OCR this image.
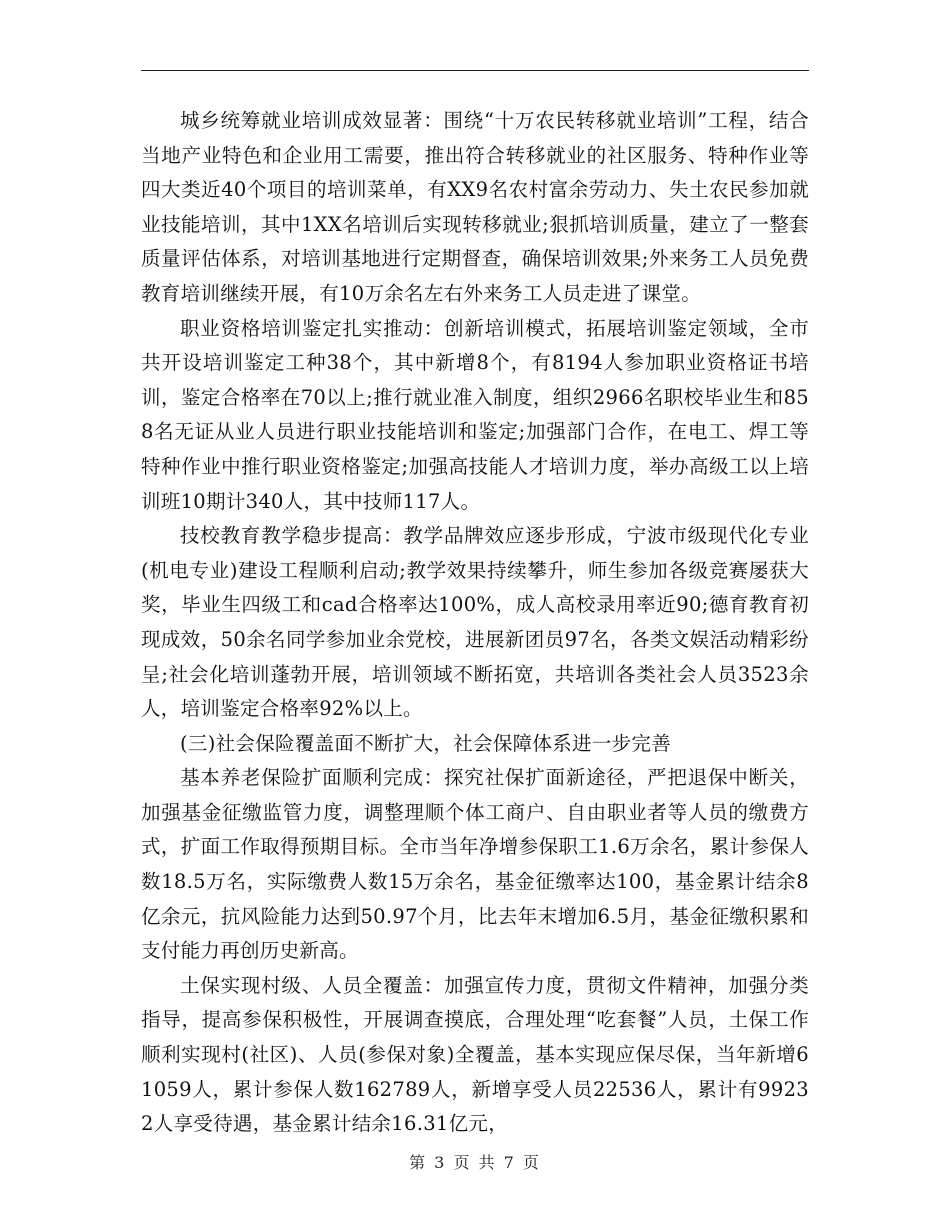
城乡统筹就业培训成效显著：围绕“十万农民转移就业培训”工程，结合当地产业特色和企业用工需要，推出符合转移就业的社区服务、特种作业等四大类近40个项目的培训菜单，有XX9名农村富余劳动力、失土农民参加就业技能培训，其中1XX名培训后实现转移就业;狠抓培训质量，建立了一整套质量评估体系，对培训基地进行定期督查，确保培训效果;外来务工人员免费教育培训继续开展，有10万余名左右外来务工人员走进了课堂。

职业资格培训鉴定扎实推动：创新培训模式，拓展培训鉴定领域，全市共开设培训鉴定工种38个，其中新增8个，有8194人参加职业资格证书培训，鉴定合格率在70以上;推行就业准入制度，组织2966名职校毕业生和858名无证从业人员进行职业技能培训和鉴定;加强部门合作，在电工、焊工等特种作业中推行职业资格鉴定;加强高技能人才培训力度，举办高级工以上培训班10期计340人，其中技师117人。

技校教育教学稳步提高：教学品牌效应逐步形成，宁波市级现代化专业(机电专业)建设工程顺利启动;教学效果持续攀升，师生参加各级竞赛屡获大奖，毕业生四级工和cad合格率达100%，成人高校录用率近90;德育教育初现成效，50余名同学参加业余党校，进展新团员97名，各类文娱活动精彩纷呈;社会化培训蓬勃开展，培训领域不断拓宽，共培训各类社会人员3523余人，培训鉴定合格率92%以上。

(三)社会保险覆盖面不断扩大，社会保障体系进一步完善

基本养老保险扩面顺利完成：探究社保扩面新途径，严把退保中断关，加强基金征缴监管力度，调整理顺个体工商户、自由职业者等人员的缴费方式，扩面工作取得预期目标。全市当年净增参保职工1.6万余名，累计参保人数18.5万名，实际缴费人数15万余名，基金征缴率达100，基金累计结余8亿余元，抗风险能力达到50.97个月，比去年末增加6.5月，基金征缴积累和支付能力再创历史新高。

土保实现村级、人员全覆盖：加强宣传力度，贯彻文件精神，加强分类指导，提高参保积极性，开展调查摸底，合理处理“吃套餐”人员，土保工作顺利实现村(社区)、人员(参保对象)全覆盖，基本实现应保尽保，当年新增61059人，累计参保人数162789人，新增享受人员22536人，累计有99232人享受待遇，基金累计结余16.31亿元，

第 3 页 共 7 页
